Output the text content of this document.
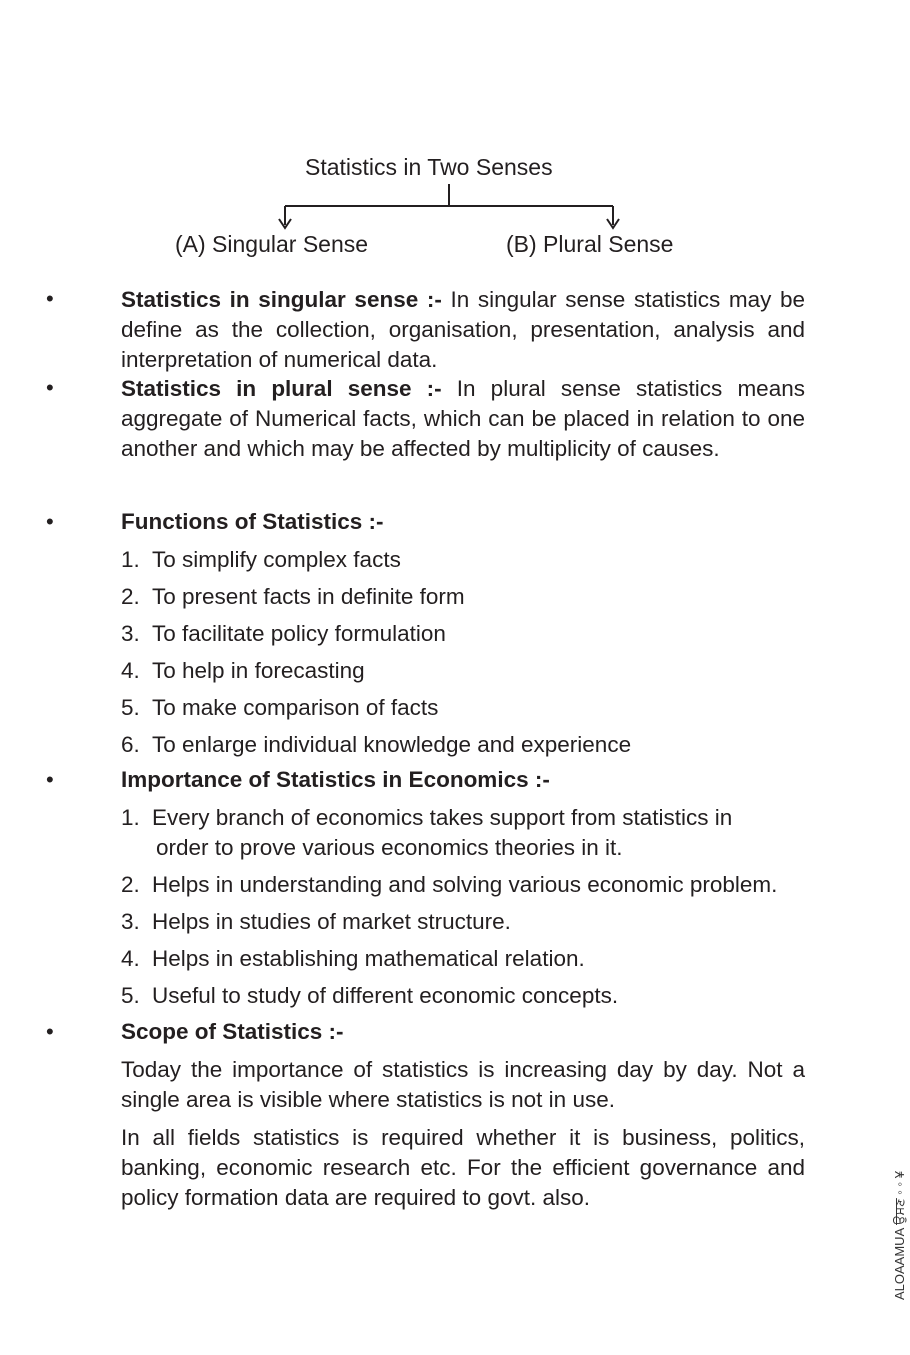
Statistics in Two Senses
(A) Singular Sense	(B) Plural Sense
•	Statistics in singular sense :- In singular sense statistics may be define as the collection, organisation, presentation, analysis and interpretation of numerical data.
•	Statistics in plural sense :- In plural sense statistics means aggregate of Numerical facts, which can be placed in relation to one another and which may be affected by multiplicity of causes.
•	Functions of Statistics :-
1. To simplify complex facts
2. To present facts in definite form
3. To facilitate policy formulation
4. To help in forecasting
5. To make comparison of facts
6. To enlarge individual knowledge and experience
•	Importance of Statistics in Economics :-
1. Every branch of economics takes support from statistics in
order to prove various economics theories in it.
2. Helps in understanding and solving various economic problem.
3. Helps in studies of market structure.
4. Helps in establishing mathematical relation.
5. Useful to study of different economic concepts.
•	Scope of Statistics :-
Today the importance of statistics is increasing day by day. Not a single area is visible where statistics is not in use.
In all fields statistics is required whether it is business, politics, banking, economic research etc. For the efficient governance and policy formation data are required to govt. also.	ALOAAMUA ਉਸਣ ◦ ◦ ¥
